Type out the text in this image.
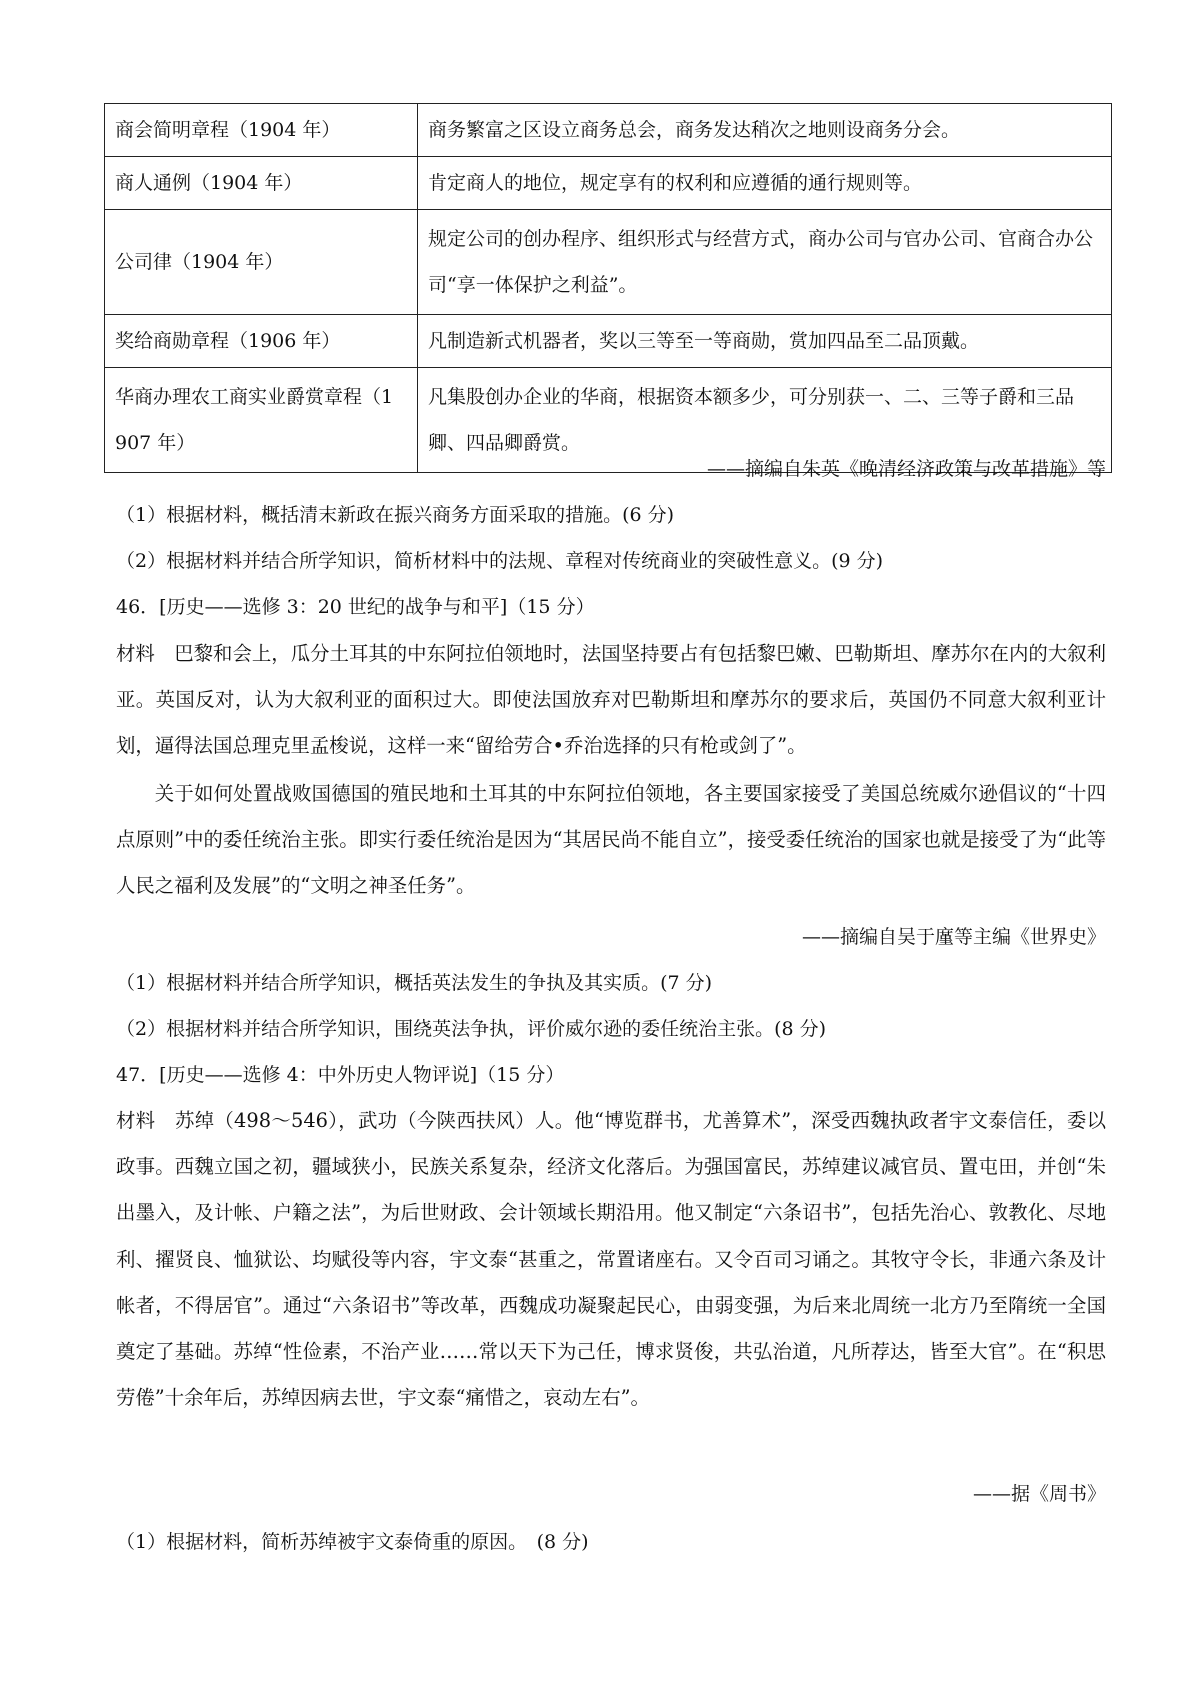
商会简明章程（1904 年）	商务繁富之区设立商务总会，商务发达稍次之地则设商务分会。
商人通例（1904 年）	肯定商人的地位，规定享有的权利和应遵循的通行规则等。
公司律（1904 年）	规定公司的创办程序、组织形式与经营方式，商办公司与官办公司、官商合办公司“享一体保护之利益”。
奖给商勋章程（1906 年）	凡制造新式机器者，奖以三等至一等商勋，赏加四品至二品顶戴。
华商办理农工商实业爵赏章程（1907 年）	凡集股创办企业的华商，根据资本额多少，可分别获一、二、三等子爵和三品卿、四品卿爵赏。
——摘编自朱英《晚清经济政策与改革措施》等
（1）根据材料，概括清末新政在振兴商务方面采取的措施。(6 分)
（2）根据材料并结合所学知识，简析材料中的法规、章程对传统商业的突破性意义。(9 分)
46．[历史——选修 3：20 世纪的战争与和平]（15 分）
材料　巴黎和会上，瓜分土耳其的中东阿拉伯领地时，法国坚持要占有包括黎巴嫩、巴勒斯坦、摩苏尔在内的大叙利亚。英国反对，认为大叙利亚的面积过大。即使法国放弃对巴勒斯坦和摩苏尔的要求后，英国仍不同意大叙利亚计划，逼得法国总理克里孟梭说，这样一来“留给劳合•乔治选择的只有枪或剑了”。
关于如何处置战败国德国的殖民地和土耳其的中东阿拉伯领地，各主要国家接受了美国总统威尔逊倡议的“十四点原则”中的委任统治主张。即实行委任统治是因为“其居民尚不能自立”，接受委任统治的国家也就是接受了为“此等人民之福利及发展”的“文明之神圣任务”。
——摘编自吴于廑等主编《世界史》
（1）根据材料并结合所学知识，概括英法发生的争执及其实质。(7 分)
（2）根据材料并结合所学知识，围绕英法争执，评价威尔逊的委任统治主张。(8 分)
47．[历史——选修 4：中外历史人物评说]（15 分）
材料　苏绰（498～546），武功（今陕西扶风）人。他“博览群书，尤善算术”，深受西魏执政者宇文泰信任，委以政事。西魏立国之初，疆域狭小，民族关系复杂，经济文化落后。为强国富民，苏绰建议减官员、置屯田，并创“朱出墨入，及计帐、户籍之法”，为后世财政、会计领域长期沿用。他又制定“六条诏书”，包括先治心、敦教化、尽地利、擢贤良、恤狱讼、均赋役等内容，宇文泰“甚重之，常置诸座右。又令百司习诵之。其牧守令长，非通六条及计帐者，不得居官”。通过“六条诏书”等改革，西魏成功凝聚起民心，由弱变强，为后来北周统一北方乃至隋统一全国奠定了基础。苏绰“性俭素，不治产业……常以天下为己任，博求贤俊，共弘治道，凡所荐达，皆至大官”。在“积思劳倦”十余年后，苏绰因病去世，宇文泰“痛惜之，哀动左右”。
——据《周书》
（1）根据材料，简析苏绰被宇文泰倚重的原因。　(8 分)
